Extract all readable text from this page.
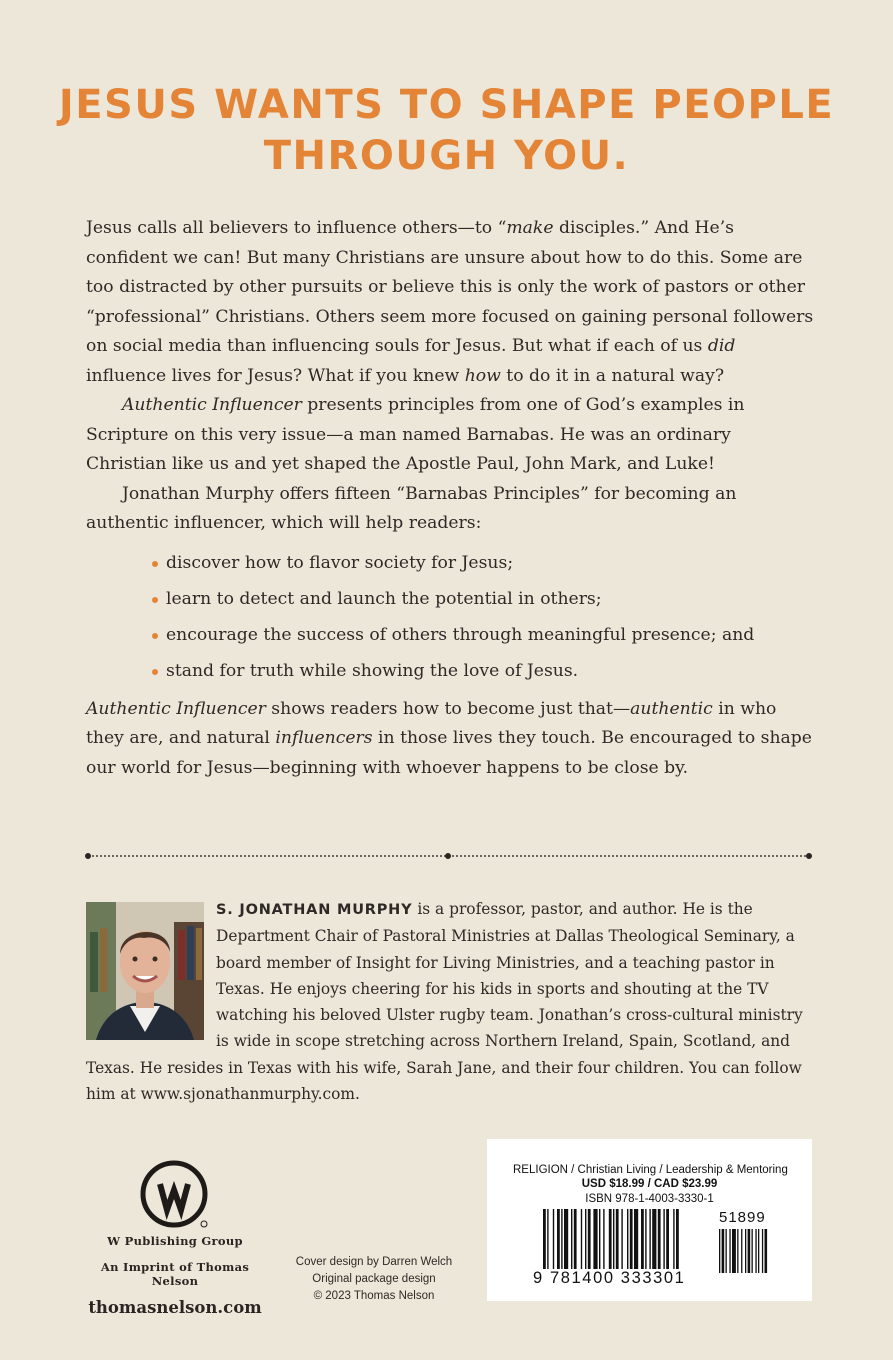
JESUS WANTS TO SHAPE PEOPLE
THROUGH YOU.

Jesus calls all believers to influence others—to “make disciples.” And He’s confident we can! But many Christians are unsure about how to do this. Some are too distracted by other pursuits or believe this is only the work of pastors or other “professional” Christians. Others seem more focused on gaining personal followers on social media than influencing souls for Jesus. But what if each of us did influence lives for Jesus? What if you knew how to do it in a natural way?

Authentic Influencer presents principles from one of God’s examples in Scripture on this very issue—a man named Barnabas. He was an ordinary Christian like us and yet shaped the Apostle Paul, John Mark, and Luke!

Jonathan Murphy offers fifteen “Barnabas Principles” for becoming an authentic influencer, which will help readers:

discover how to flavor society for Jesus;
learn to detect and launch the potential in others;
encourage the success of others through meaningful presence; and
stand for truth while showing the love of Jesus.

Authentic Influencer shows readers how to become just that—authentic in who they are, and natural influencers in those lives they touch. Be encouraged to shape our world for Jesus—beginning with whoever happens to be close by.

S. JONATHAN MURPHY is a professor, pastor, and author. He is the Department Chair of Pastoral Ministries at Dallas Theological Seminary, a board member of Insight for Living Ministries, and a teaching pastor in Texas. He enjoys cheering for his kids in sports and shouting at the TV watching his beloved Ulster rugby team. Jonathan’s cross-cultural ministry is wide in scope stretching across Northern Ireland, Spain, Scotland, and Texas. He resides in Texas with his wife, Sarah Jane, and their four children. You can follow him at www.sjonathanmurphy.com.
W Publishing Group
An Imprint of Thomas Nelson
thomasnelson.com
Cover design by Darren Welch
Original package design
© 2023 Thomas Nelson
RELIGION / Christian Living / Leadership & Mentoring
USD $18.99 / CAD $23.99
ISBN 978-1-4003-3330-1
51899
9 781400 333301
